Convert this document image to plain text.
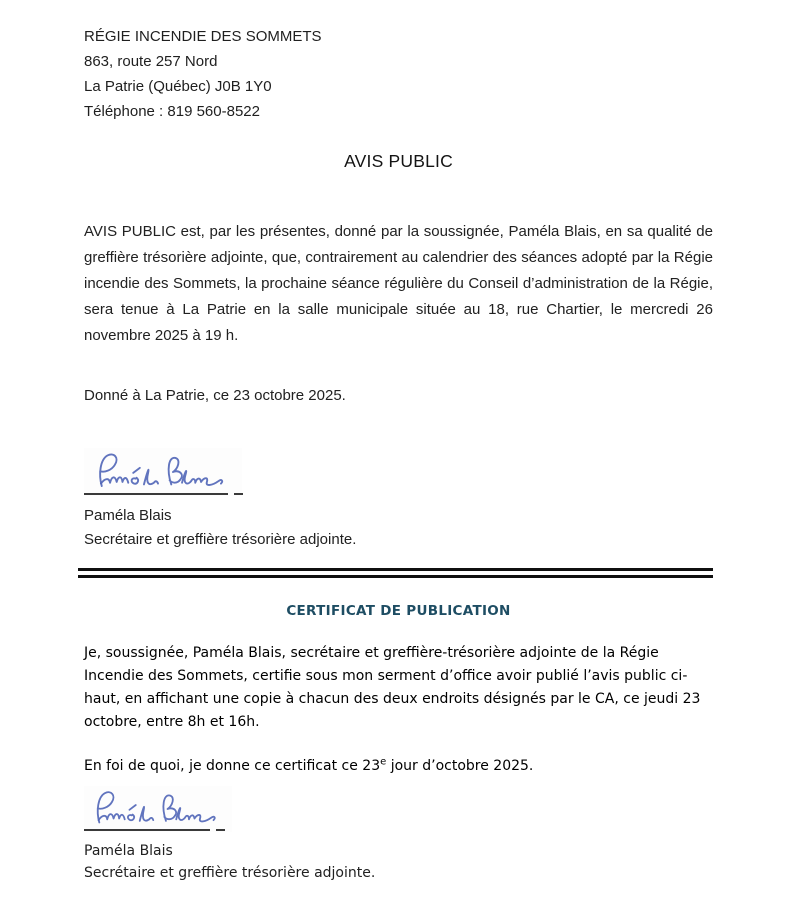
RÉGIE INCENDIE DES SOMMETS
863, route 257 Nord
La Patrie (Québec) J0B 1Y0
Téléphone : 819 560-8522
AVIS PUBLIC

AVIS PUBLIC est, par les présentes, donné par la soussignée, Paméla Blais, en sa qualité de greffière trésorière adjointe, que, contrairement au calendrier des séances adopté par la Régie incendie des Sommets, la prochaine séance régulière du Conseil d’administration de la Régie, sera tenue à La Patrie en la salle municipale située au 18, rue Chartier, le mercredi 26 novembre 2025 à 19 h.

Donné à La Patrie, ce 23 octobre 2025.
Paméla Blais
Secrétaire et greffière trésorière adjointe.
CERTIFICAT DE PUBLICATION

Je, soussignée, Paméla Blais, secrétaire et greffière-trésorière adjointe de la Régie Incendie des Sommets, certifie sous mon serment d’office avoir publié l’avis public ci-haut, en affichant une copie à chacun des deux endroits désignés par le CA, ce jeudi 23 octobre, entre 8h et 16h.

En foi de quoi, je donne ce certificat ce 23e jour d’octobre 2025.
Paméla Blais
Secrétaire et greffière trésorière adjointe.
